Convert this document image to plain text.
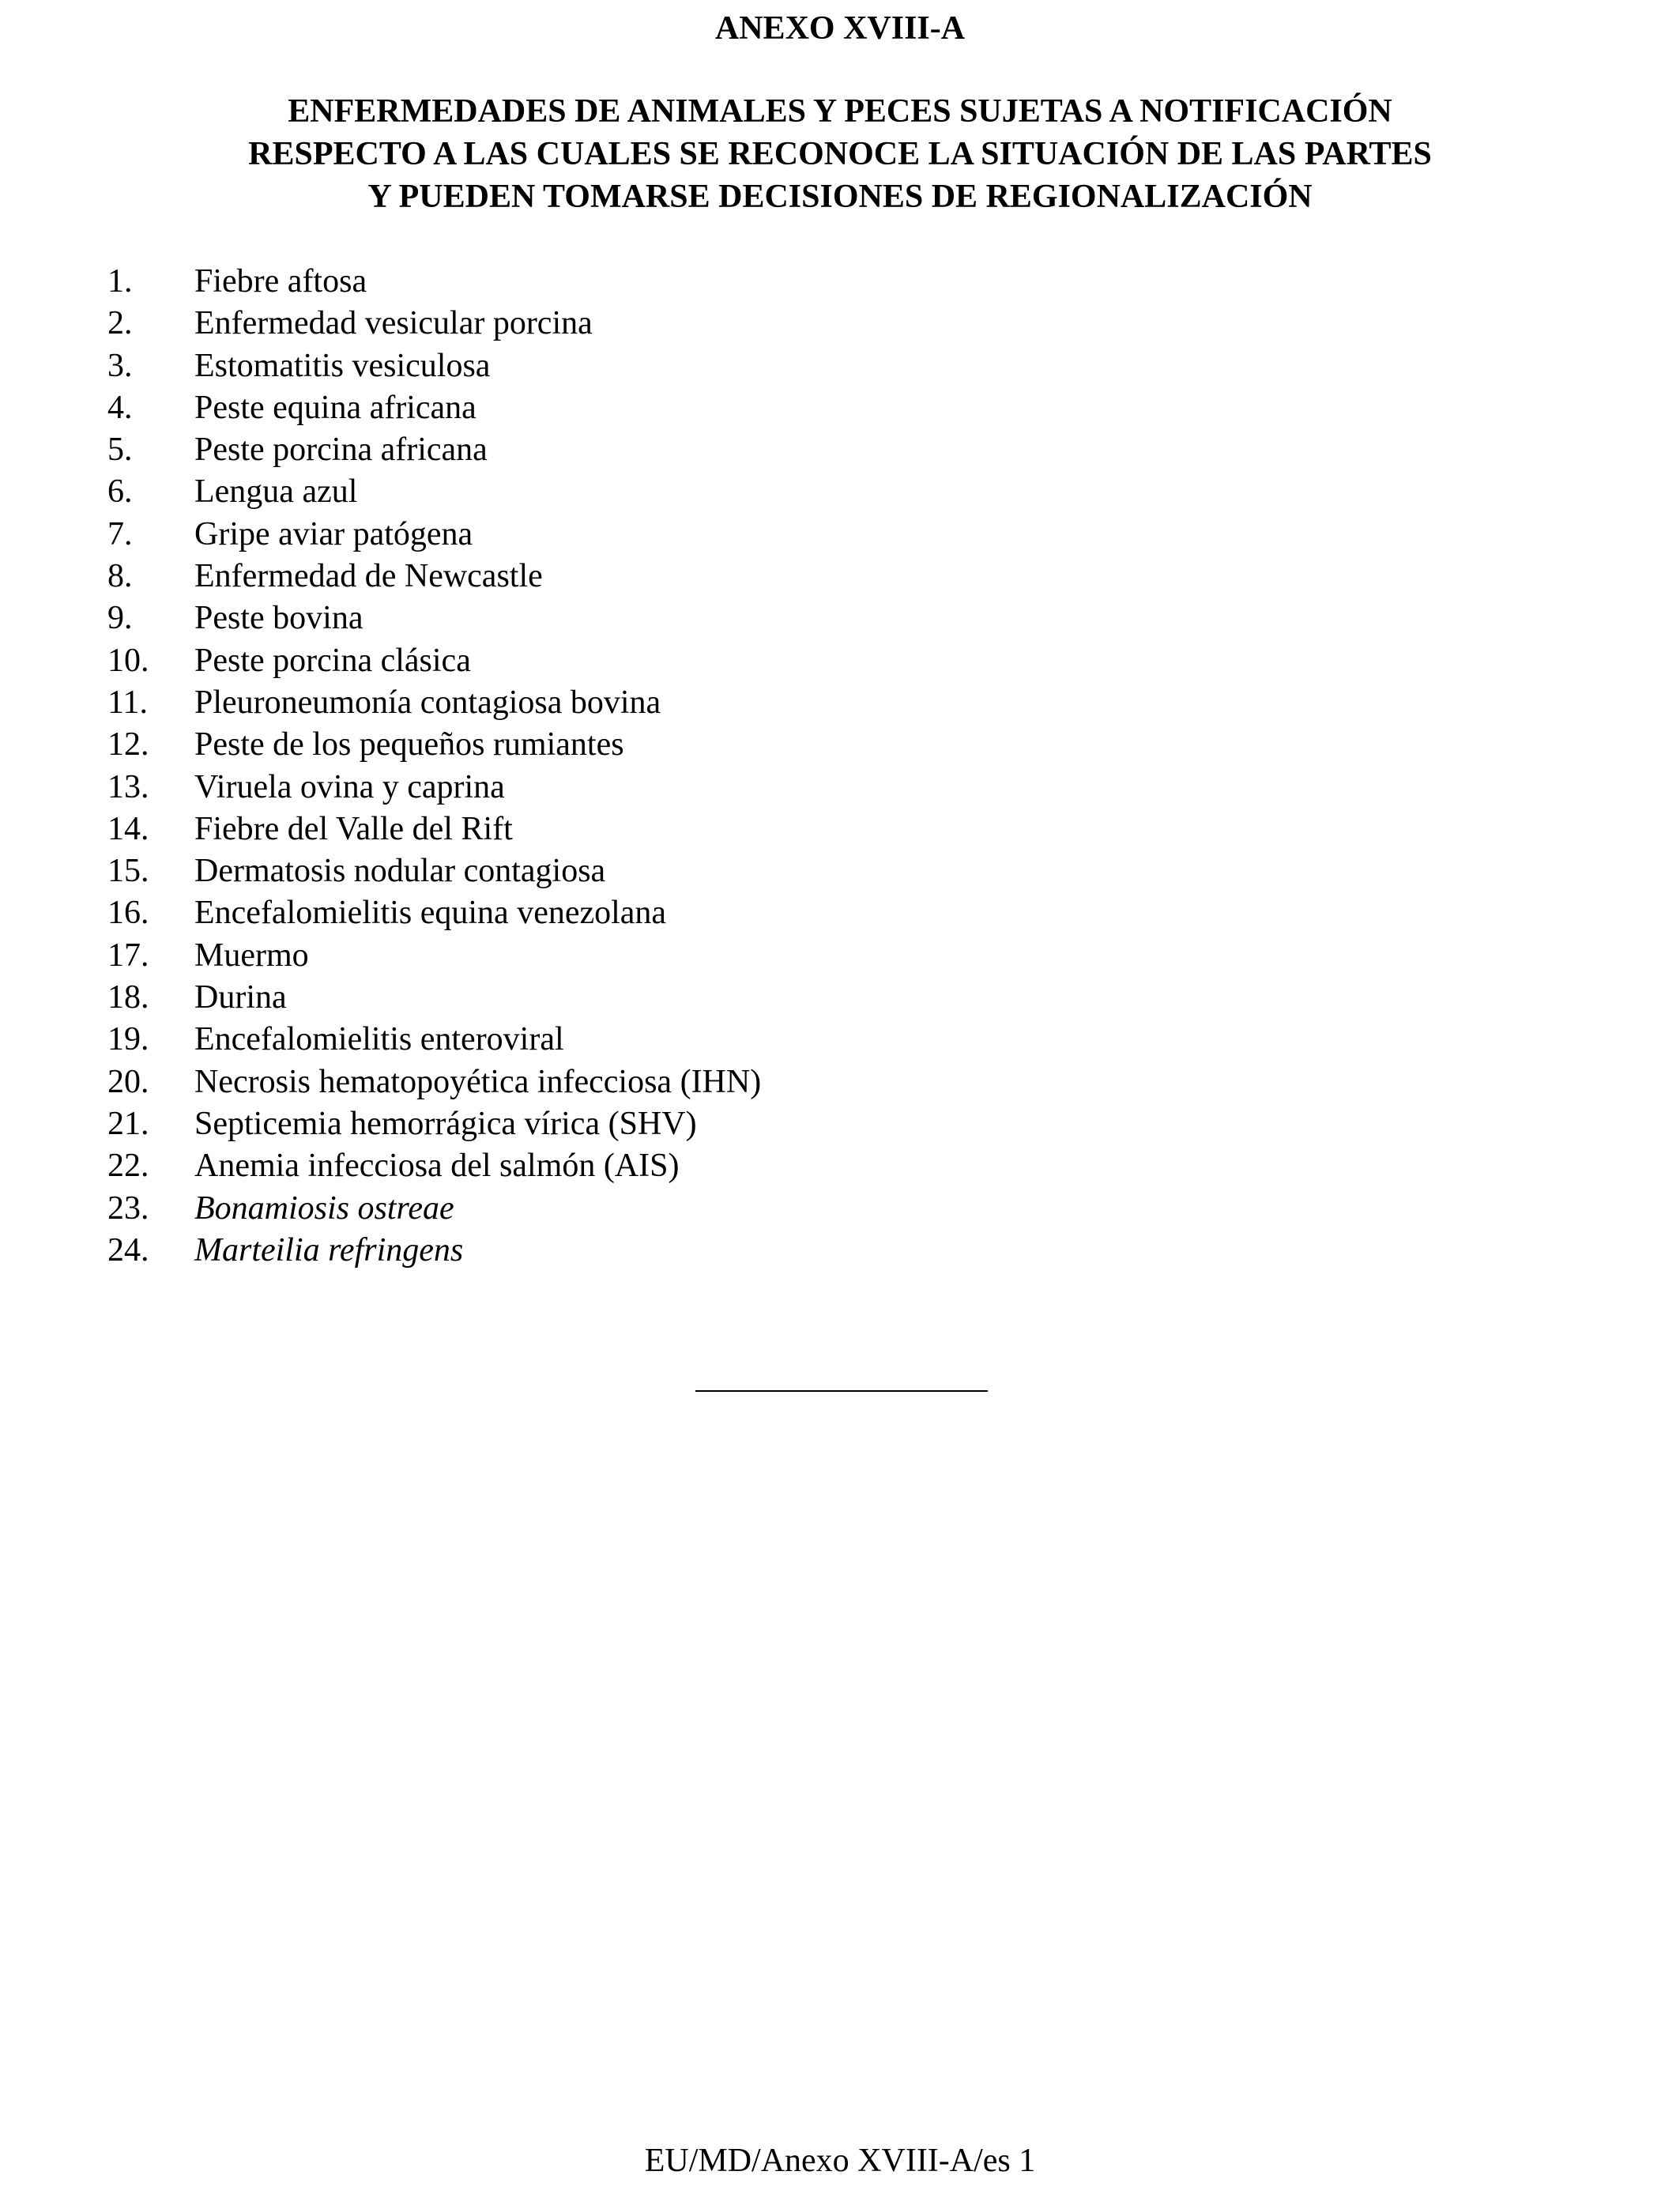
ANEXO XVIII-A
ENFERMEDADES DE ANIMALES Y PECES SUJETAS A NOTIFICACIÓN
RESPECTO A LAS CUALES SE RECONOCE LA SITUACIÓN DE LAS PARTES
Y PUEDEN TOMARSE DECISIONES DE REGIONALIZACIÓN
1. Fiebre aftosa
2. Enfermedad vesicular porcina
3. Estomatitis vesiculosa
4. Peste equina africana
5. Peste porcina africana
6. Lengua azul
7. Gripe aviar patógena
8. Enfermedad de Newcastle
9. Peste bovina
10. Peste porcina clásica
11. Pleuroneumonía contagiosa bovina
12. Peste de los pequeños rumiantes
13. Viruela ovina y caprina
14. Fiebre del Valle del Rift
15. Dermatosis nodular contagiosa
16. Encefalomielitis equina venezolana
17. Muermo
18. Durina
19. Encefalomielitis enteroviral
20. Necrosis hematopoyética infecciosa (IHN)
21. Septicemia hemorrágica vírica (SHV)
22. Anemia infecciosa del salmón (AIS)
23. Bonamiosis ostreae
24. Marteilia refringens
EU/MD/Anexo XVIII-A/es 1
